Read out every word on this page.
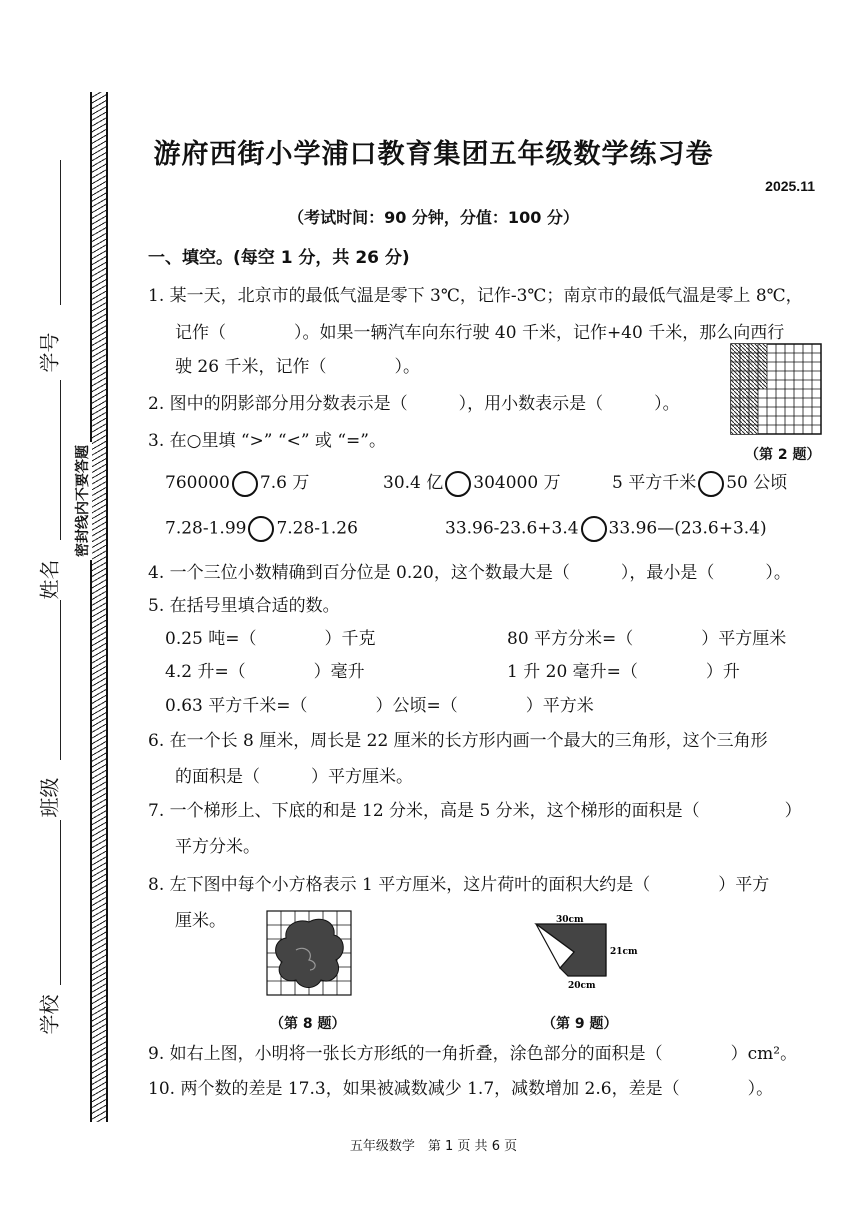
密封线内不要答题
学号
姓名
班级
学校
游府西街小学浦口教育集团五年级数学练习卷
2025.11
（考试时间：90 分钟，分值：100 分）
一、填空。(每空 1 分，共 26 分)
1. 某一天，北京市的最低气温是零下 3℃，记作-3℃；南京市的最低气温是零上 8℃，
记作（　　　　）。如果一辆汽车向东行驶 40 千米，记作+40 千米，那么向西行
驶 26 千米，记作（　　　　）。
2. 图中的阴影部分用分数表示是（　　　），用小数表示是（　　　）。
（第 2 题）
3. 在○里填 “>” “<” 或 “=”。
760000 7.6 万	30.4 亿 304000 万	5 平方千米 50 公顷
7.28-1.99 7.28-1.26	33.96-23.6+3.4 33.96—(23.6+3.4)
4. 一个三位小数精确到百分位是 0.20，这个数最大是（　　　），最小是（　　　）。
5. 在括号里填合适的数。
0.25 吨=（　　　　）千克	80 平方分米=（　　　　）平方厘米
4.2 升=（　　　　）毫升	1 升 20 毫升=（　　　　）升
0.63 平方千米=（　　　　）公顷=（　　　　）平方米
6. 在一个长 8 厘米，周长是 22 厘米的长方形内画一个最大的三角形，这个三角形
的面积是（　　　）平方厘米。
7. 一个梯形上、下底的和是 12 分米，高是 5 分米，这个梯形的面积是（　　　　　）
平方分米。
8. 左下图中每个小方格表示 1 平方厘米，这片荷叶的面积大约是（　　　　）平方
厘米。
（第 8 题）
30cm
21cm
20cm
（第 9 题）
9. 如右上图，小明将一张长方形纸的一角折叠，涂色部分的面积是（　　　　）cm²。
10. 两个数的差是 17.3，如果被减数减少 1.7，减数增加 2.6，差是（　　　　）。
五年级数学　第 1 页 共 6 页
